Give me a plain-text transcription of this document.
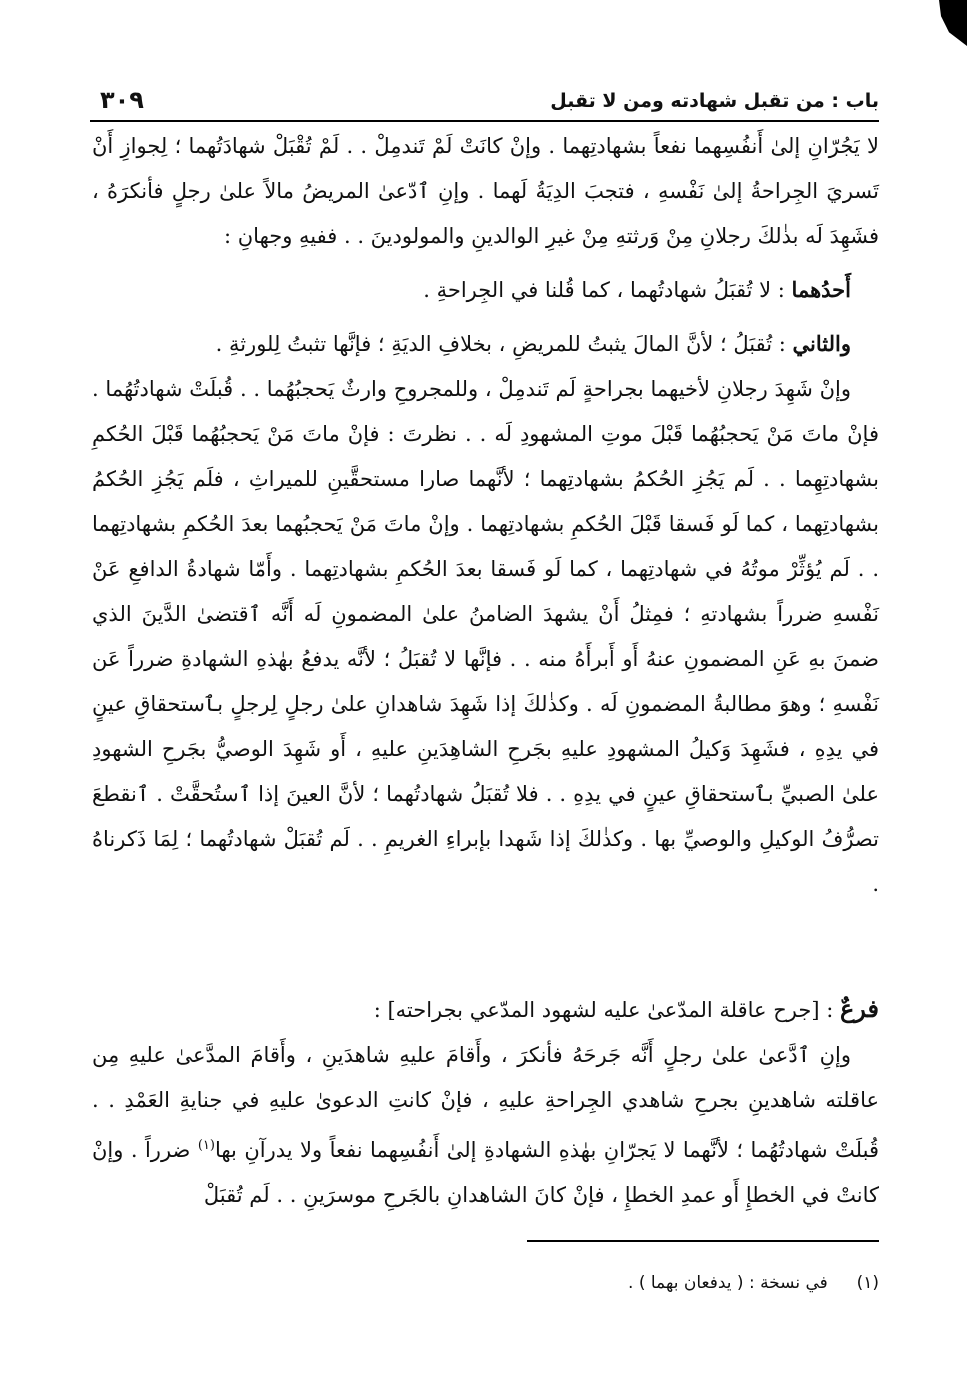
باب : من تقبل شهادته ومن لا تقبل
٣٠٩

لا يَجُرّانِ إلىٰ أَنفُسِهما نفعاً بشهادتِهما . وإنْ كانَتْ لَمْ تَندمِلْ . . لَمْ تُقْبَلْ شهادَتُهما ؛ لِجوازِ أَنْ تَسريَ الجِراحةُ إلىٰ نَفْسهِ ، فتجبَ الدِيَةُ لَهما . وإنِ ٱدّعىٰ المريضُ مالاً علىٰ رجلٍ فأنكرَهُ ، فشَهِدَ لَه بذٰلكَ رجلانِ مِنْ وَرثتهِ مِنْ غيرِ الوالدينِ والمولودينَ . . ففيهِ وجهانِ :

أَحدُهما : لا تُقبَلُ شهادتُهما ، كما قُلنا في الجِراحةِ .

والثاني : تُقبَلُ ؛ لأنَّ المالَ يثبتُ للمريضِ ، بخلافِ الديَةِ ؛ فإنَّها تثبتُ لِلورثةِ .

وإنْ شَهِدَ رجلانِ لأخيهما بجراحةٍ لَم تَندمِلْ ، وللمجروحِ وارثٌ يَحجبُهُما . . قُبلَتْ شهادتُهُما . فإنْ ماتَ مَنْ يَحجبُهُما قَبْلَ موتِ المشهودِ لَه . . نظرتَ : فإنْ ماتَ مَنْ يَحجبُهُما قَبْلَ الحُكمِ بشهادتِهِما . . لَم يَجُزِ الحُكمُ بشهادتِهما ؛ لأنَّهما صارا مستحقَّينِ للميراثِ ، فلَم يَجُزِ الحُكمُ بشهادتِهما ، كما لَو فَسقا قَبْلَ الحُكمِ بشهادتِهما . وإنْ ماتَ مَنْ يَحجبُهما بعدَ الحُكمِ بشهادتِهما . . لَم يُؤثِّرْ موتُهُ في شهادتِهما ، كما لَو فَسقا بعدَ الحُكمِ بشهادتِهما . وأَمّا شهادةُ الدافعِ عَنْ نَفْسهِ ضرراً بشهادتهِ ؛ فمِثلُ أَنْ يشهدَ الضامنُ علىٰ المضمونِ لَه أَنَّه ٱقتضىٰ الدَّينَ الذي ضمنَ بهِ عَنِ المضمونِ عنهُ أَو أَبرأَهُ منه . . فإنَّها لا تُقبَلُ ؛ لأنَّه يدفعُ بهٰذهِ الشهادةِ ضرراً عَن نَفْسهِ ؛ وهوَ مطالبةُ المضمونِ لَه . وكذٰلكَ إذا شَهِدَ شاهدانِ علىٰ رجلٍ لِرجلٍ بٱستحقاقِ عينٍ في يدِهِ ، فشَهِدَ وَكيلُ المشهودِ عليهِ بجَرحِ الشاهِدَينِ عليهِ ، أَو شَهِدَ الوصيُّ بجَرحِ الشهودِ علىٰ الصبيِّ بٱستحقاقِ عينٍ في يدِهِ . . فلا تُقبَلُ شهادتُهما ؛ لأنَّ العينَ إذا ٱستُحقَّتْ . ٱنقطعَ تصرُّفُ الوكيلِ والوصيِّ بها . وكذٰلكَ إذا شَهدا بإبراءِ الغريمِ . . لَم تُقبَلْ شهادتُهما ؛ لِمَا ذَكرناهُ .

فرعٌ : [جرح عاقلة المدّعىٰ عليه لشهود المدّعي بجراحته] :

وإنِ ٱدَّعىٰ علىٰ رجلٍ أَنَّه جَرحَهُ فأنكرَ ، وأَقامَ عليهِ شاهدَينِ ، وأَقامَ المدَّعىٰ عليهِ مِن عاقلته شاهدينِ بجرحِ شاهدي الجِراحةِ عليهِ ، فإنْ كانتِ الدعوىٰ عليهِ في جنايةِ العَمْدِ . . قُبلَتْ شهادتُهُما ؛ لأنَّهما لا يَجرّانِ بهٰذهِ الشهادةِ إلىٰ أَنفُسِهما نفعاً ولا يدرآنِ بها$^{(١)}$ ضرراً . وإنْ كانتْ في الخطإِ أَو عمدِ الخطإِ ، فإنْ كانَ الشاهدانِ بالجَرحِ موسرَينِ . . لَم تُقبَلْ

(١)  في نسخة : ( يدفعان بهما ) .
